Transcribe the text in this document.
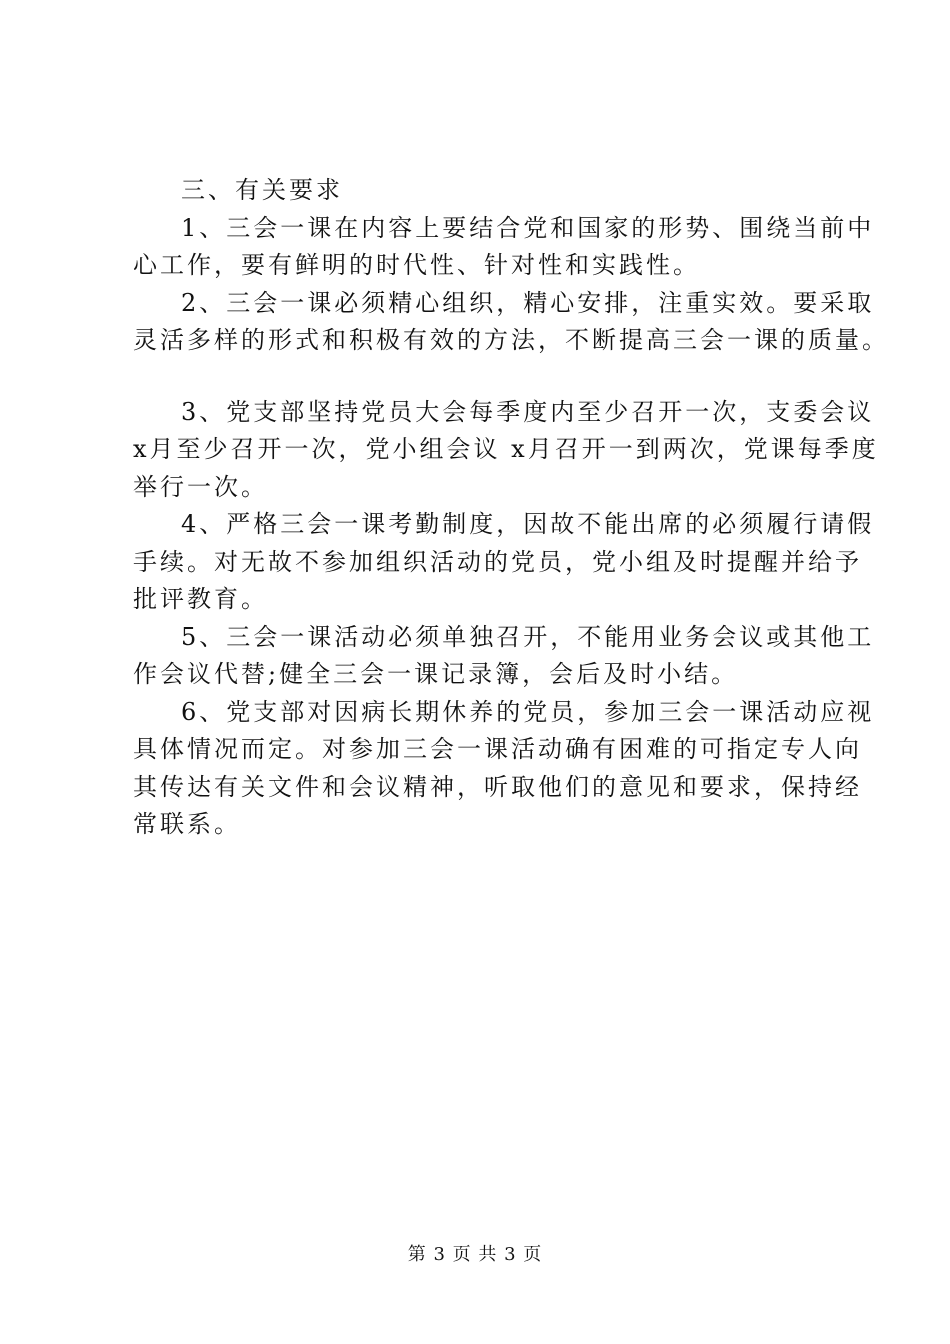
三、有关要求

1、三会一课在内容上要结合党和国家的形势、围绕当前中

心工作，要有鲜明的时代性、针对性和实践性。

2、三会一课必须精心组织，精心安排，注重实效。要采取

灵活多样的形式和积极有效的方法，不断提高三会一课的质量。

3、党支部坚持党员大会每季度内至少召开一次，支委会议

x月至少召开一次，党小组会议 x月召开一到两次，党课每季度

举行一次。

4、严格三会一课考勤制度，因故不能出席的必须履行请假

手续。对无故不参加组织活动的党员，党小组及时提醒并给予

批评教育。

5、三会一课活动必须单独召开，不能用业务会议或其他工

作会议代替;健全三会一课记录簿，会后及时小结。

6、党支部对因病长期休养的党员，参加三会一课活动应视

具体情况而定。对参加三会一课活动确有困难的可指定专人向

其传达有关文件和会议精神，听取他们的意见和要求，保持经

常联系。

第 3 页 共 3 页
